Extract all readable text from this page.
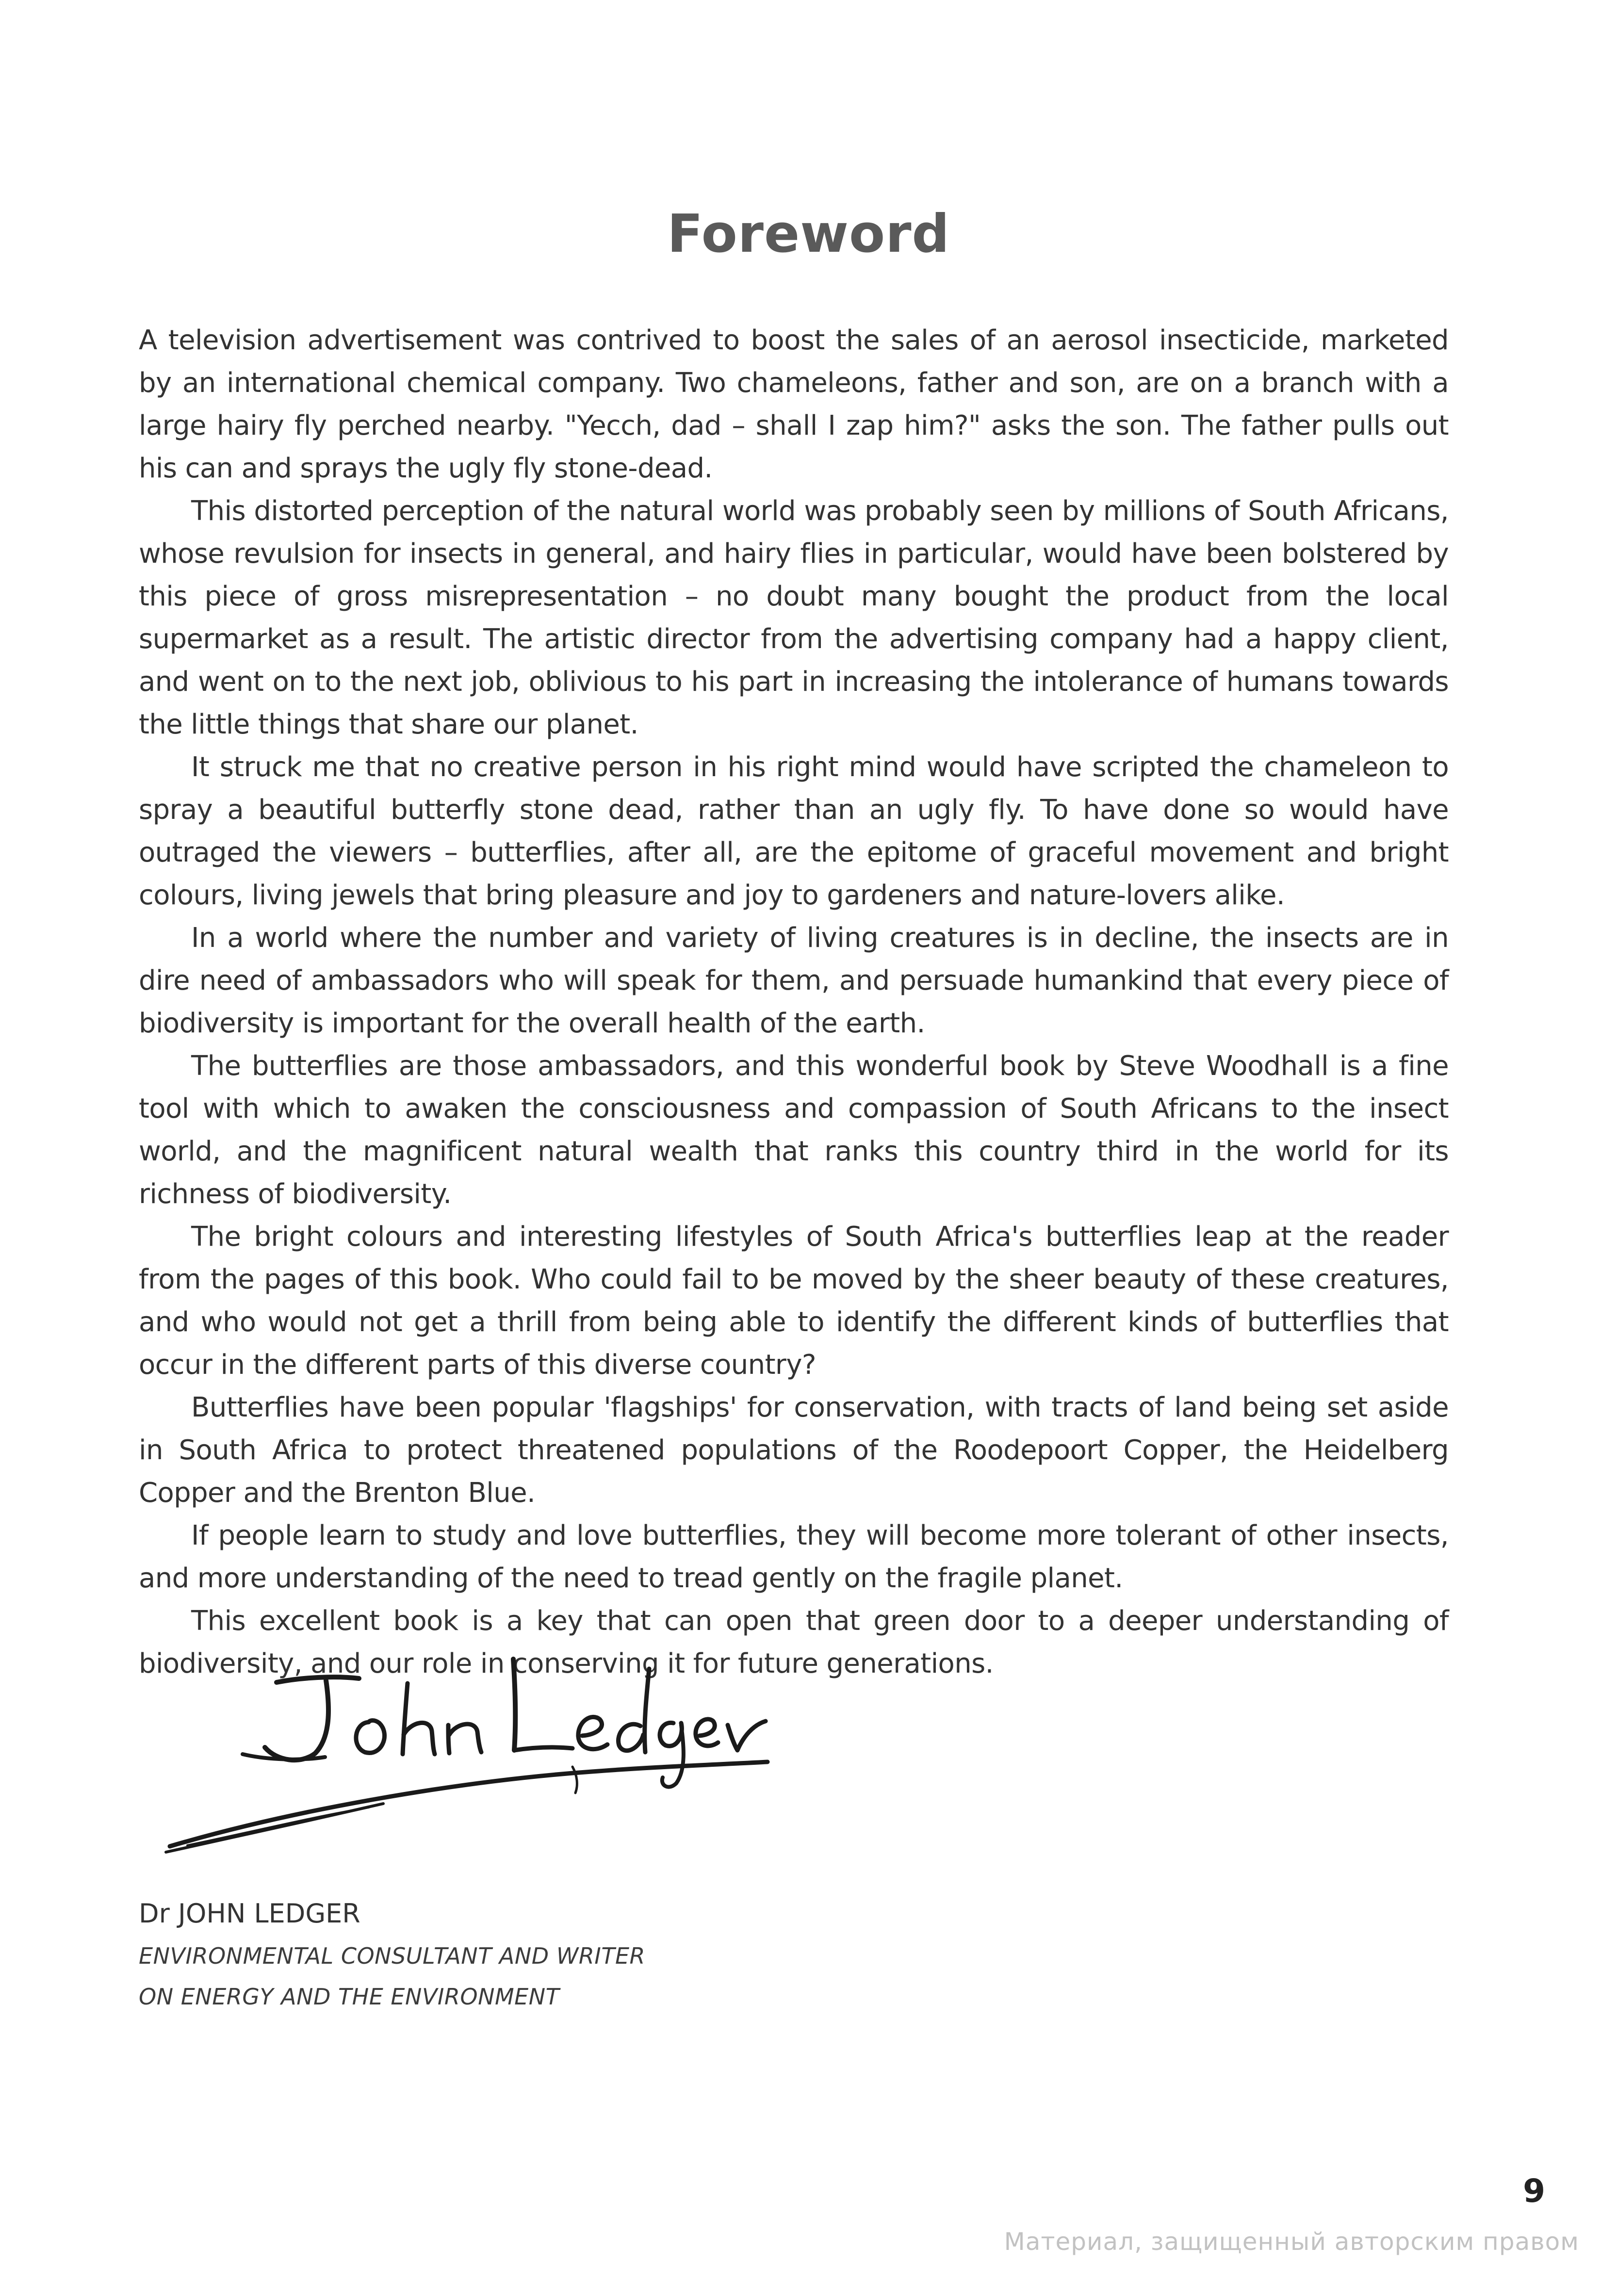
Foreword

A television advertisement was contrived to boost the sales of an aerosol insecticide, marketed by an international chemical company. Two chameleons, father and son, are on a branch with a large hairy fly perched nearby. "Yecch, dad – shall I zap him?" asks the son. The father pulls out his can and sprays the ugly fly stone-dead.

This distorted perception of the natural world was probably seen by millions of South Africans, whose revulsion for insects in general, and hairy flies in particular, would have been bolstered by this piece of gross misrepresentation – no doubt many bought the product from the local supermarket as a result. The artistic director from the advertising company had a happy client, and went on to the next job, oblivious to his part in increasing the intolerance of humans towards the little things that share our planet.

It struck me that no creative person in his right mind would have scripted the chameleon to spray a beautiful butterfly stone dead, rather than an ugly fly. To have done so would have outraged the viewers – butterflies, after all, are the epitome of graceful movement and bright colours, living jewels that bring pleasure and joy to gardeners and nature-lovers alike.

In a world where the number and variety of living creatures is in decline, the insects are in dire need of ambassadors who will speak for them, and persuade humankind that every piece of biodiversity is important for the overall health of the earth.

The butterflies are those ambassadors, and this wonderful book by Steve Woodhall is a fine tool with which to awaken the consciousness and compassion of South Africans to the insect world, and the magnificent natural wealth that ranks this country third in the world for its richness of biodiversity.

The bright colours and interesting lifestyles of South Africa's butterflies leap at the reader from the pages of this book. Who could fail to be moved by the sheer beauty of these creatures, and who would not get a thrill from being able to identify the different kinds of butterflies that occur in the different parts of this diverse country?

Butterflies have been popular 'flagships' for conservation, with tracts of land being set aside in South Africa to protect threatened populations of the Roodepoort Copper, the Heidelberg Copper and the Brenton Blue.

If people learn to study and love butterflies, they will become more tolerant of other insects, and more understanding of the need to tread gently on the fragile planet.

This excellent book is a key that can open that green door to a deeper understanding of biodiversity, and our role in conserving it for future generations.

Dr JOHN LEDGER
ENVIRONMENTAL CONSULTANT AND WRITER
ON ENERGY AND THE ENVIRONMENT
9
Материал, защищенный авторским правом
